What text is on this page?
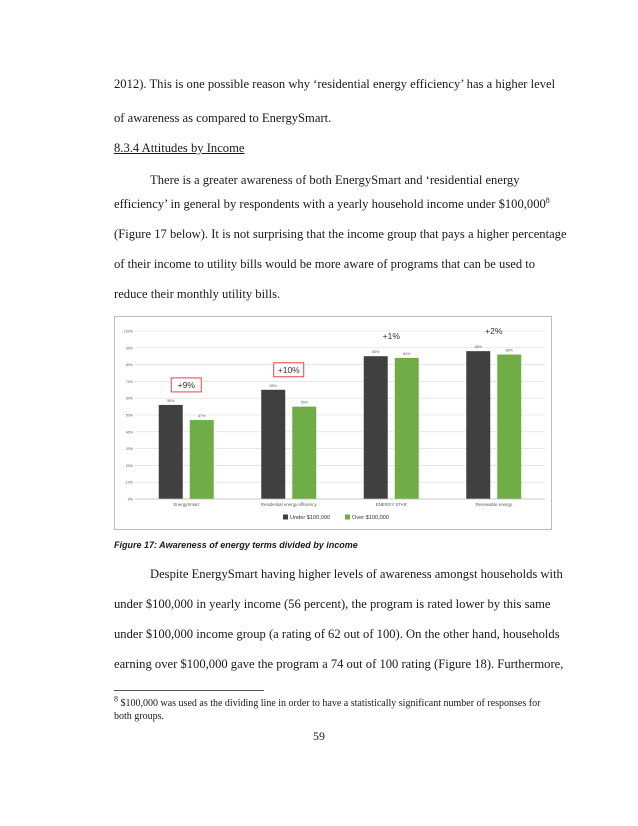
2012). This is one possible reason why ‘residential energy efficiency’ has a higher level
of awareness as compared to EnergySmart.
8.3.4 Attitudes by Income
There is a greater awareness of both EnergySmart and ‘residential energy
efficiency’ in general by respondents with a yearly household income under $100,000$^8$
(Figure 17 below). It is not surprising that the income group that pays a higher percentage
of their income to utility bills would be more aware of programs that can be used to
reduce their monthly utility bills.
0%
10%
20%
30%
40%
50%
60%
70%
80%
90%
100%
56%
47%
+9%
EnergySmart
65%
55%
+10%
Residential energy efficiency
85%	84%
+1%
ENERGY STAR
88%
86%
+2%
Renewable energy
Under $100,000	Over $100,000
Figure 17: Awareness of energy terms divided by income
Despite EnergySmart having higher levels of awareness amongst households with
under $100,000 in yearly income (56 percent), the program is rated lower by this same
under $100,000 income group (a rating of 62 out of 100). On the other hand, households
earning over $100,000 gave the program a 74 out of 100 rating (Figure 18). Furthermore,
$^8$ $100,000 was used as the dividing line in order to have a statistically significant number of responses for
both groups.
59
